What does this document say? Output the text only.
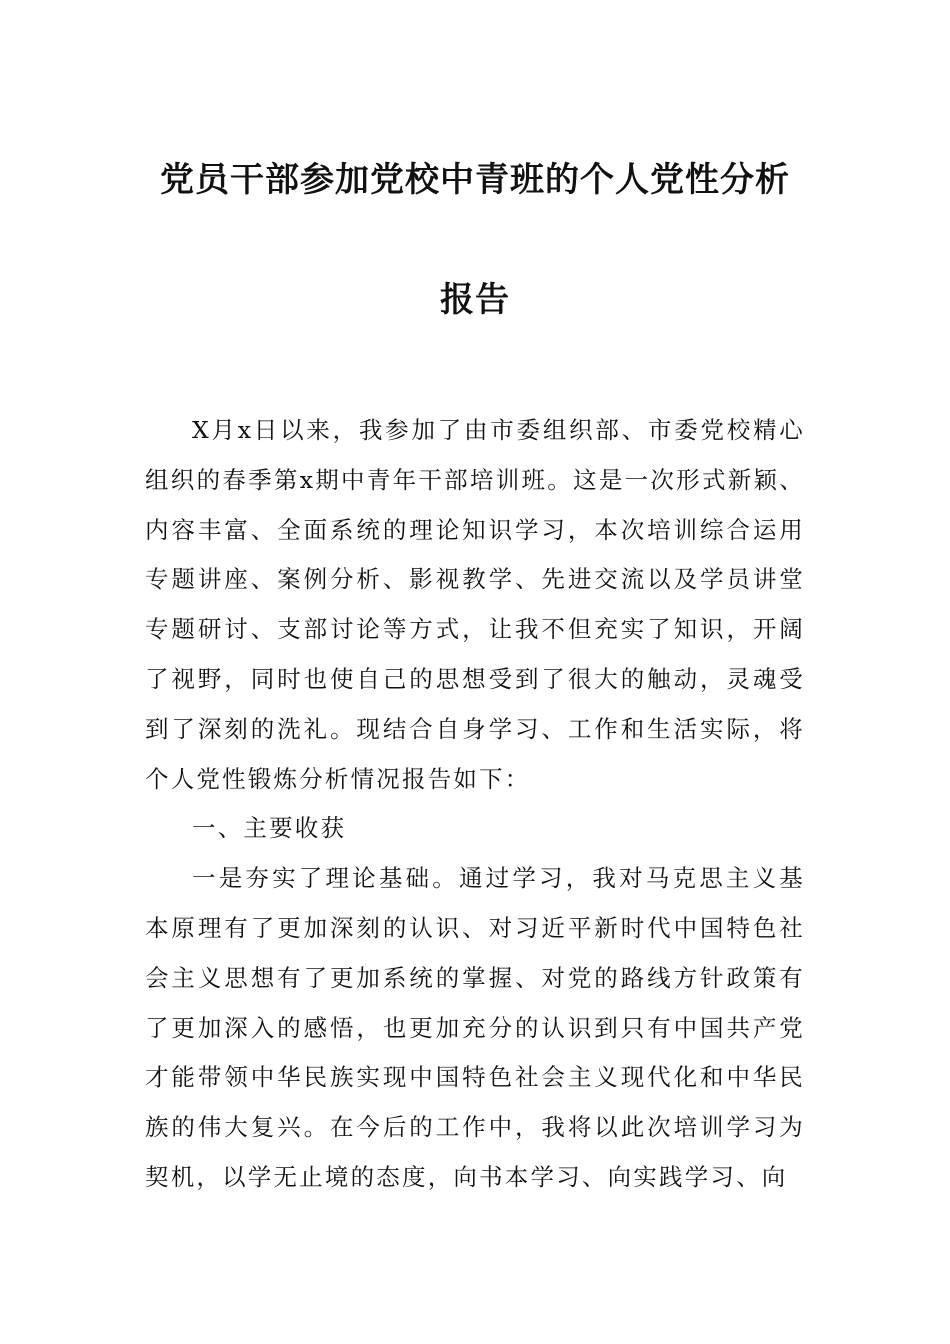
党员干部参加党校中青班的个人党性分析
报告

X月x日以来，我参加了由市委组织部、市委党校精心组织的春季第x期中青年干部培训班。这是一次形式新颖、内容丰富、全面系统的理论知识学习，本次培训综合运用专题讲座、案例分析、影视教学、先进交流以及学员讲堂专题研讨、支部讨论等方式，让我不但充实了知识，开阔了视野，同时也使自己的思想受到了很大的触动，灵魂受到了深刻的洗礼。现结合自身学习、工作和生活实际，将个人党性锻炼分析情况报告如下：

一、主要收获

一是夯实了理论基础。通过学习，我对马克思主义基本原理有了更加深刻的认识、对习近平新时代中国特色社会主义思想有了更加系统的掌握、对党的路线方针政策有了更加深入的感悟，也更加充分的认识到只有中国共产党才能带领中华民族实现中国特色社会主义现代化和中华民族的伟大复兴。在今后的工作中，我将以此次培训学习为契机，以学无止境的态度，向书本学习、向实践学习、向
